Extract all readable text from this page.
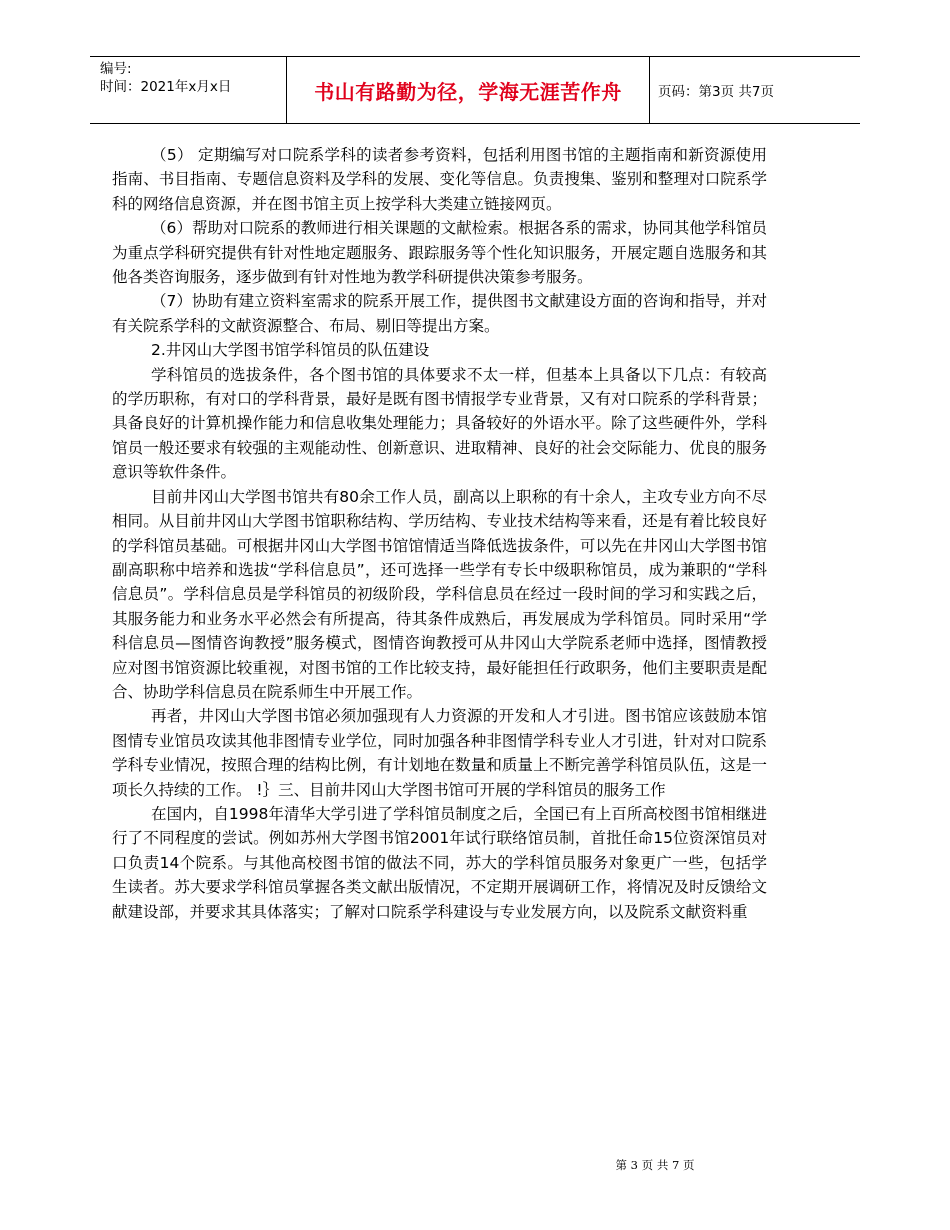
编号:
时间：2021年x月x日	书山有路勤为径，学海无涯苦作舟	页码：第3页 共7页

（5） 定期编写对口院系学科的读者参考资料，包括利用图书馆的主题指南和新资源使用指南、书目指南、专题信息资料及学科的发展、变化等信息。负责搜集、鉴别和整理对口院系学科的网络信息资源，并在图书馆主页上按学科大类建立链接网页。

（6）帮助对口院系的教师进行相关课题的文献检索。根据各系的需求，协同其他学科馆员为重点学科研究提供有针对性地定题服务、跟踪服务等个性化知识服务，开展定题自选服务和其他各类咨询服务，逐步做到有针对性地为教学科研提供决策参考服务。

（7）协助有建立资料室需求的院系开展工作，提供图书文献建设方面的咨询和指导，并对有关院系学科的文献资源整合、布局、剔旧等提出方案。

2.井冈山大学图书馆学科馆员的队伍建设

学科馆员的选拔条件，各个图书馆的具体要求不太一样，但基本上具备以下几点：有较高的学历职称，有对口的学科背景，最好是既有图书情报学专业背景，又有对口院系的学科背景；具备良好的计算机操作能力和信息收集处理能力；具备较好的外语水平。除了这些硬件外，学科馆员一般还要求有较强的主观能动性、创新意识、进取精神、良好的社会交际能力、优良的服务意识等软件条件。

目前井冈山大学图书馆共有80余工作人员，副高以上职称的有十余人，主攻专业方向不尽相同。从目前井冈山大学图书馆职称结构、学历结构、专业技术结构等来看，还是有着比较良好的学科馆员基础。可根据井冈山大学图书馆馆情适当降低选拔条件，可以先在井冈山大学图书馆副高职称中培养和选拔“学科信息员”，还可选择一些学有专长中级职称馆员，成为兼职的“学科信息员”。学科信息员是学科馆员的初级阶段，学科信息员在经过一段时间的学习和实践之后，其服务能力和业务水平必然会有所提高，待其条件成熟后，再发展成为学科馆员。同时采用“学科信息员—图情咨询教授”服务模式，图情咨询教授可从井冈山大学院系老师中选择，图情教授应对图书馆资源比较重视，对图书馆的工作比较支持，最好能担任行政职务，他们主要职责是配合、协助学科信息员在院系师生中开展工作。

再者，井冈山大学图书馆必须加强现有人力资源的开发和人才引进。图书馆应该鼓励本馆图情专业馆员攻读其他非图情专业学位，同时加强各种非图情学科专业人才引进，针对对口院系学科专业情况，按照合理的结构比例，有计划地在数量和质量上不断完善学科馆员队伍，这是一项长久持续的工作。 !｝三、目前井冈山大学图书馆可开展的学科馆员的服务工作

在国内，自1998年清华大学引进了学科馆员制度之后，全国已有上百所高校图书馆相继进行了不同程度的尝试。例如苏州大学图书馆2001年试行联络馆员制，首批任命15位资深馆员对口负责14个院系。与其他高校图书馆的做法不同，苏大的学科馆员服务对象更广一些，包括学生读者。苏大要求学科馆员掌握各类文献出版情况，不定期开展调研工作，将情况及时反馈给文献建设部，并要求其具体落实；了解对口院系学科建设与专业发展方向，以及院系文献资料重

第 3 页 共 7 页
